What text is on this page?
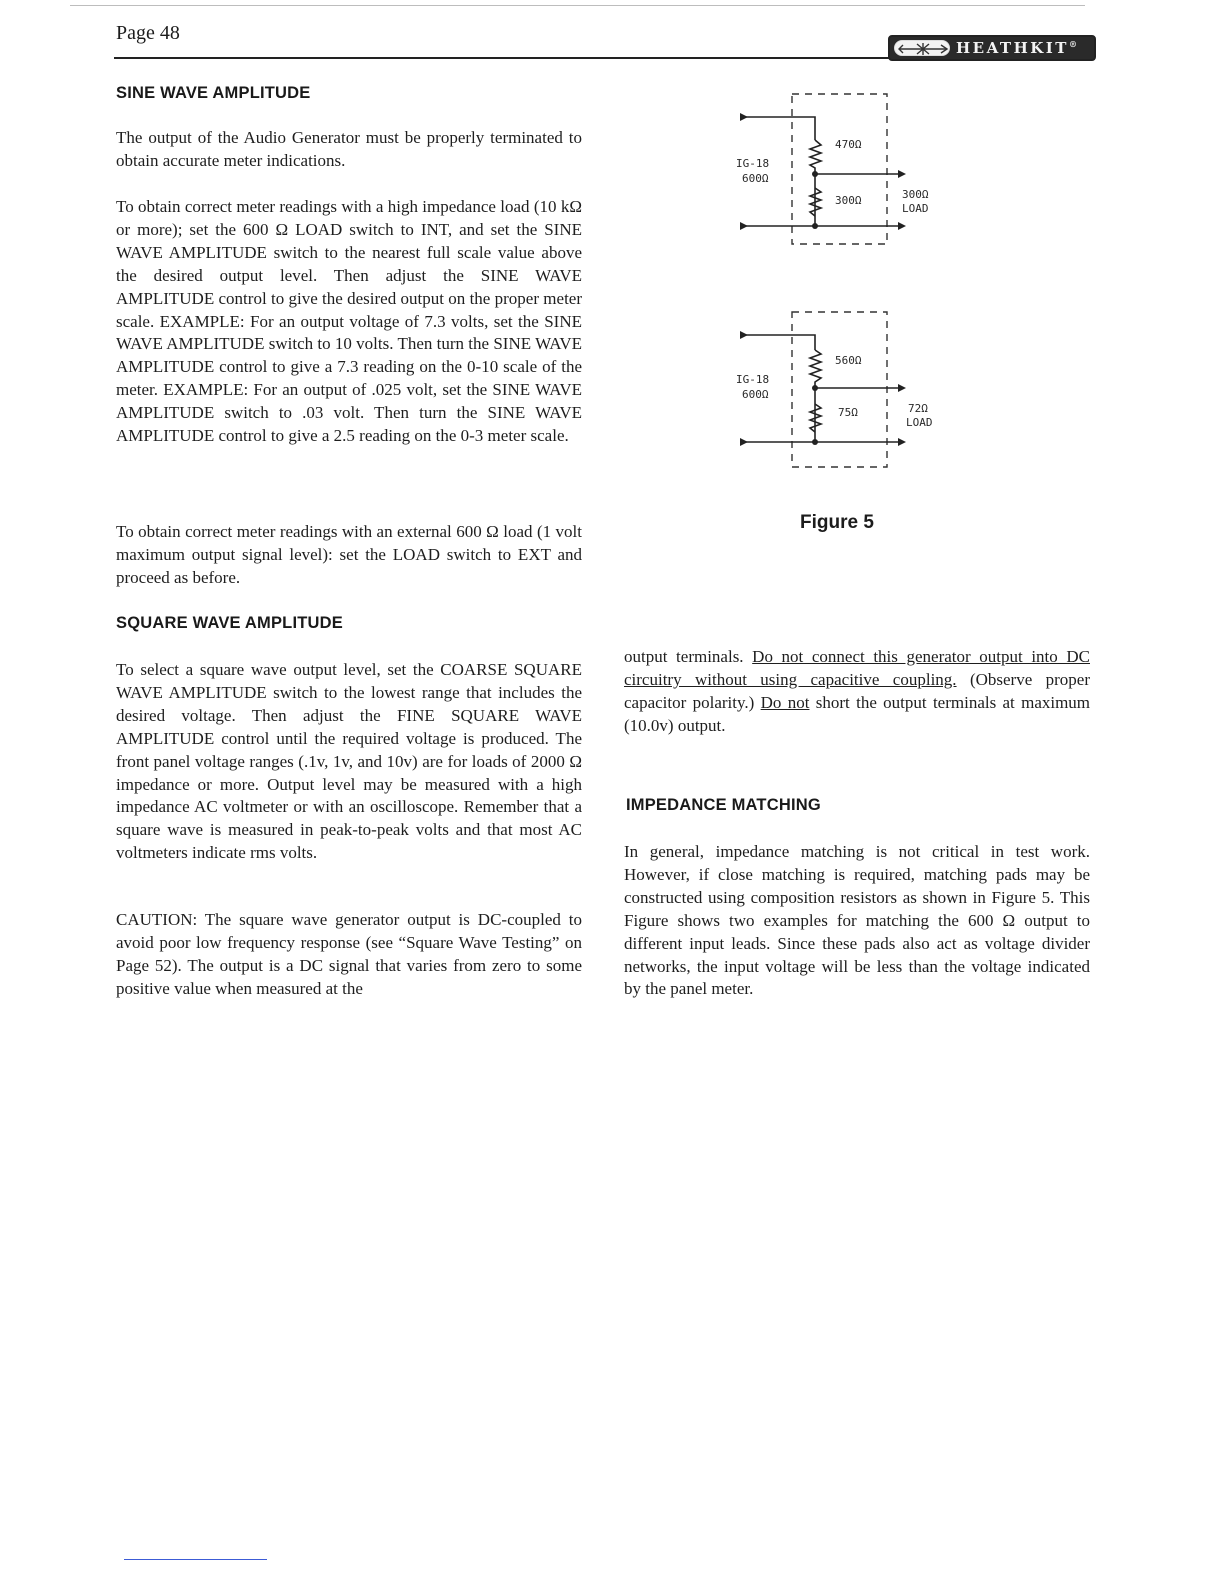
Page 48
HEATHKIT®
SINE WAVE AMPLITUDE

The output of the Audio Generator must be properly terminated to obtain accurate meter indications.

To obtain correct meter readings with a high impedance load (10 kΩ or more); set the 600 Ω LOAD switch to INT, and set the SINE WAVE AMPLITUDE switch to the nearest full scale value above the desired output level. Then adjust the SINE WAVE AMPLITUDE control to give the desired output on the proper meter scale. EXAMPLE: For an output voltage of 7.3 volts, set the SINE WAVE AMPLITUDE switch to 10 volts. Then turn the SINE WAVE AMPLITUDE control to give a 7.3 reading on the 0-10 scale of the meter. EXAMPLE: For an output of .025 volt, set the SINE WAVE AMPLITUDE switch to .03 volt. Then turn the SINE WAVE AMPLITUDE control to give a 2.5 reading on the 0-3 meter scale.

To obtain correct meter readings with an external 600 Ω load (1 volt maximum output signal level): set the LOAD switch to EXT and proceed as before.

SQUARE WAVE AMPLITUDE

To select a square wave output level, set the COARSE SQUARE WAVE AMPLITUDE switch to the lowest range that includes the desired voltage. Then adjust the FINE SQUARE WAVE AMPLITUDE control until the required voltage is produced. The front panel voltage ranges (.1v, 1v, and 10v) are for loads of 2000 Ω impedance or more. Output level may be measured with a high impedance AC voltmeter or with an oscilloscope. Remember that a square wave is measured in peak-to-peak volts and that most AC voltmeters indicate rms volts.

CAUTION: The square wave generator output is DC-coupled to avoid poor low frequency response (see “Square Wave Testing” on Page 52). The output is a DC signal that varies from zero to some positive value when measured at the

output terminals. Do not connect this generator output into DC circuitry without using capacitive coupling. (Observe proper capacitor polarity.) Do not short the output terminals at maximum (10.0v) output.

IMPEDANCE MATCHING

In general, impedance matching is not critical in test work. However, if close matching is required, matching pads may be constructed using composition resistors as shown in Figure 5. This Figure shows two examples for matching the 600 Ω output to different input leads. Since these pads also act as voltage divider networks, the input voltage will be less than the voltage indicated by the panel meter.

IG-18
600Ω
470Ω
300Ω	300Ω
LOAD
IG-18
600Ω
560Ω
75Ω	72Ω
LOAD
Figure 5
